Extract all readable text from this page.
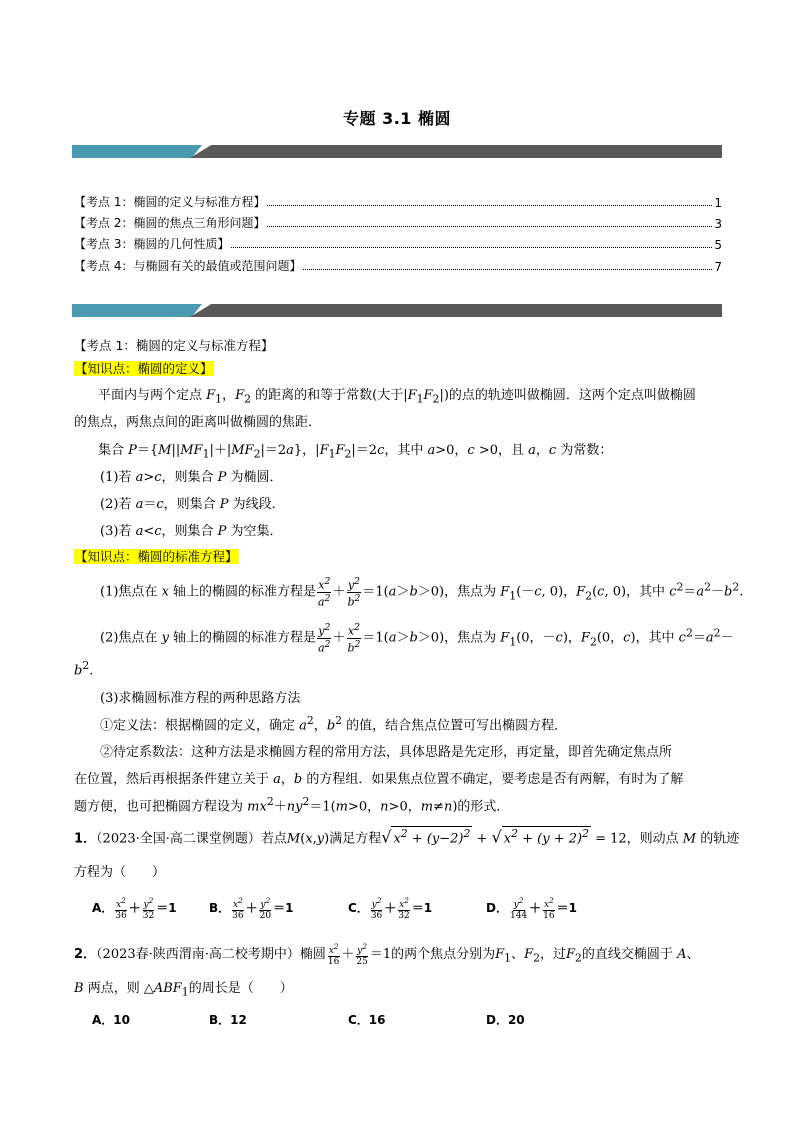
专题 3.1 椭圆
【考点 1：椭圆的定义与标准方程】	1
【考点 2：椭圆的焦点三角形问题】	3
【考点 3：椭圆的几何性质】	5
【考点 4：与椭圆有关的最值或范围问题】	7
【考点 1：椭圆的定义与标准方程】
【知识点：椭圆的定义】
平面内与两个定点 $F_1$，$F_2$ 的距离的和等于常数(大于$|F_1F_2|$)的点的轨迹叫做椭圆．这两个定点叫做椭圆
的焦点，两焦点间的距离叫做椭圆的焦距．
集合 $P=\{M||MF_1|+|MF_2|=2a\}$，$|F_1F_2|=2c$，其中 a>0，c >0，且 a，c 为常数：
(1)若 a>c，则集合 P 为椭圆．
(2)若 a＝c，则集合 P 为线段．
(3)若 a<c，则集合 P 为空集．
【知识点：椭圆的标准方程】
(1)焦点在 x 轴上的椭圆的标准方程是 $\frac{x^2}{a^2} + \frac{y^2}{b^2} =1(a>b>0)$，焦点为 $F_1(-c$, 0)，$F_2(c$, 0)，其中 $c^2=a^2-b^2$.
(2)焦点在 y 轴上的椭圆的标准方程是 $\frac{y^2}{a^2} + \frac{x^2}{b^2} =1(a>b>0)$，焦点为 $F_1(0$，－c)，$F_2(0$，c)，其中 $c^2=a^2-$
$b^2$.
(3)求椭圆标准方程的两种思路方法
①定义法：根据椭圆的定义，确定 $a^2$，$b^2$ 的值，结合焦点位置可写出椭圆方程．
②待定系数法：这种方法是求椭圆方程的常用方法，具体思路是先定形，再定量，即首先确定焦点所
在位置，然后再根据条件建立关于 a，b 的方程组．如果焦点位置不确定，要考虑是否有两解，有时为了解
题方便，也可把椭圆方程设为 $mx^2+ny^2=1(m>0$，n>0，m≠n)的形式．
1．（2023·全国·高二课堂例题）若点M(x,y)满足方程√ $x^2 + (y-2)^2$ + √ $x^2 + (y + 2)^2 = 12$，则动点 M 的轨迹
方程为（　　）
A． $\frac{x^2}{36} + \frac{y^2}{32} =1$	B． $\frac{x^2}{36} + \frac{y^2}{20} =1$	C． $\frac{y^2}{36} + \frac{x^2}{32} =1$	D． $\frac{y^2}{144} + \frac{x^2}{16} =1$
2．（2023春·陕西渭南·高二校考期中）椭圆 $\frac{x^2}{16} + \frac{y^2}{25} =1$的两个焦点分别为$F_1$、$F_2$，过$F_2$的直线交椭圆于 A、
B 两点，则 $\triangle ABF_1$的周长是（　　）
A．10	B．12	C．16	D．20
